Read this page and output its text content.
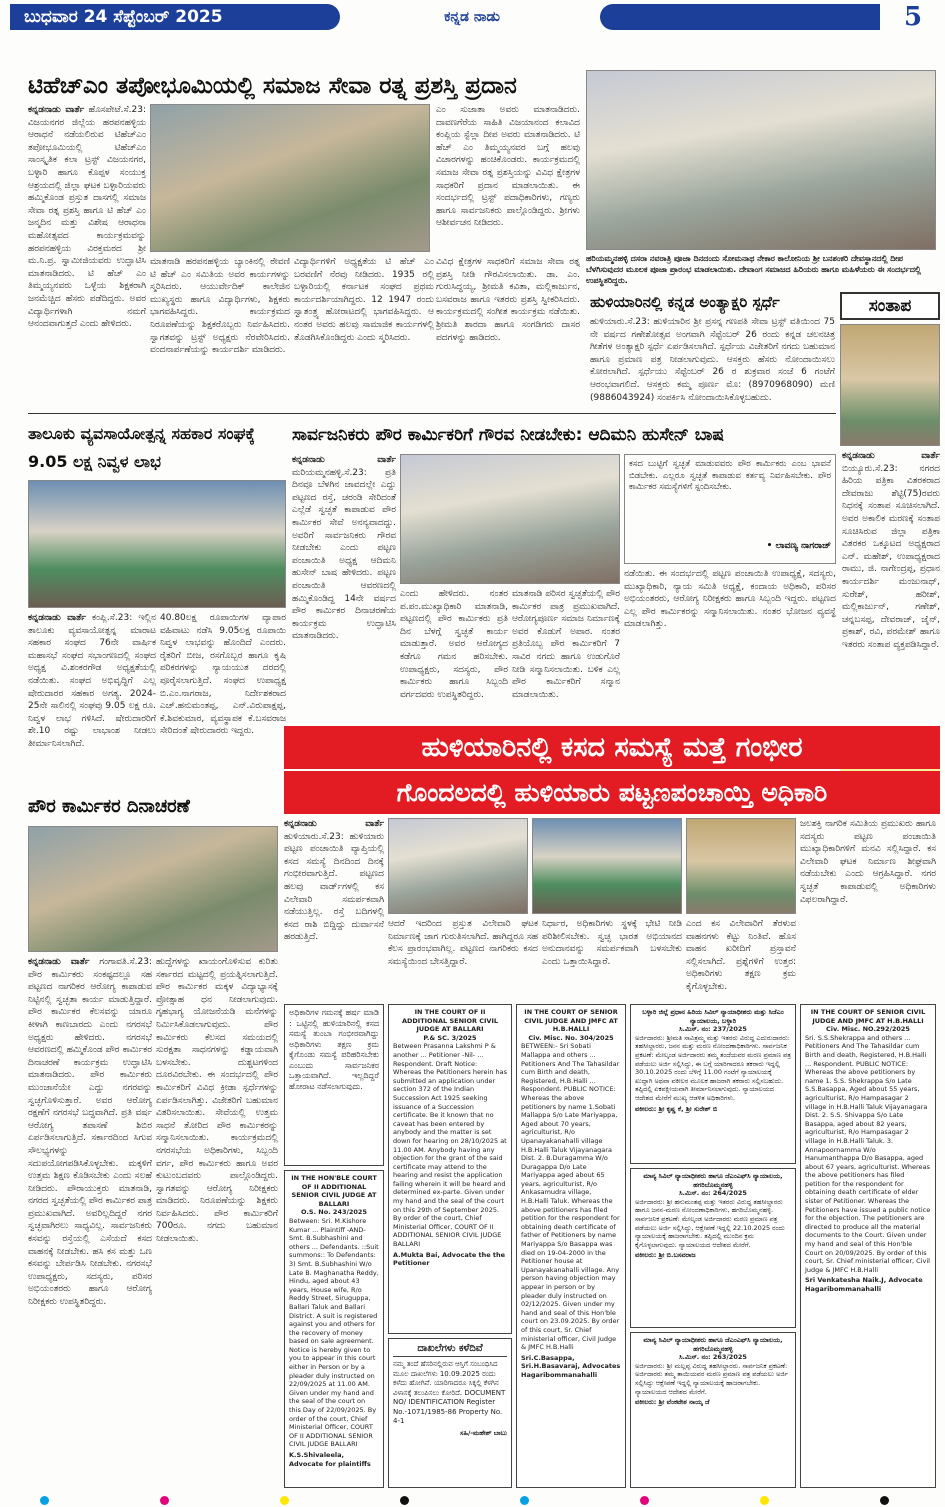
ಬುಧವಾರ 24 ಸೆಪ್ಟೆಂಬರ್ 2025	ಕನ್ನಡ ನಾಡು	5
ಟಿಹೆಚ್ಎಂ ತಪೋಭೂಮಿಯಲ್ಲಿ ಸಮಾಜ ಸೇವಾ ರತ್ನ ಪ್ರಶಸ್ತಿ ಪ್ರದಾನ
ಹರಿಯಮ್ಮನಹಳ್ಳಿ ದಸರಾ ನವರಾತ್ರಿ ಪೂಜಾ ದಿನದಂದು ಸೋಮನಾಥ ನೇಕಾರ ಕಾಲೋನಿಯ ಶ್ರೀ ಬನಶಂಕರಿ ದೇವಸ್ಥಾನದಲ್ಲಿ ದೀಪ ಬೆಳಗಿಸುವುದರ ಮೂಲಕ ಪೂಜಾ ಪ್ರಾರಂಭ ಮಾಡಲಾಯಿತು. ದೇವಾಂಗ ಸಮಾಜದ ಹಿರಿಯರು ಹಾಗೂ ಮಹಿಳೆಯರು ಈ ಸಂದರ್ಭದಲ್ಲಿ ಉಪಸ್ಥಿತರಿದ್ದರು.
ಕನ್ನಡನಾಡು ವಾರ್ತೆ ಹೊಸಪೇಟೆ.ಸೆ.23: ವಿಜಯನಗರ ಜಿಲ್ಲೆಯ ಹರಪನಹಳ್ಳಿಯ ಆರಾಧನೆ ನಡೆಯಲಿರುವ ಟಿಹೆಚ್ಎಂ ತಪೋಭೂಮಿಯಲ್ಲಿ ಟಿಹೆಚ್ಎಂ ಸಾಂಸ್ಕೃತಿಕ ಕಲಾ ಟ್ರಸ್ಟ್ ವಿಜಯನಗರ, ಬಳ್ಳಾರಿ ಹಾಗೂ ಕೊಪ್ಪಳ ಸಂಯುಕ್ತ ಆಶ್ರಯದಲ್ಲಿ ಜಿಲ್ಲಾ ಘಟಕ ಬಳ್ಳಾರಿಯವರು ಹಮ್ಮಿಕೊಂಡ ಪ್ರಸ್ತುತ ದಾಸಗಲ್ಲಿ ಸಮಾಜ ಸೇವಾ ರತ್ನ ಪ್ರಶಸ್ತಿ ಹಾಗೂ ಟಿ ಹೆಚ್ ಎಂ ಜನ್ಮದಿನ ಮತ್ತು ವಿಶೇಷ ಆರಾಧನಾ ಮಹೋತ್ಸವದ ಕಾರ್ಯಕ್ರಮವನ್ನು ಹರಪನಹಳ್ಳಿಯ ವಿರಕ್ತಮಠದ ಶ್ರೀ ಮ.ನಿ.ಪ್ರ. ಸ್ವಾಮೀಜಿಯವರು ಉದ್ಘಾಟಿಸಿ ಮಾತನಾಡಿದರು. ಟಿ ಹೆಚ್ ಎಂ ತಿಮ್ಮಯ್ಯನವರು ಒಳ್ಳೆಯ ಶಿಕ್ಷಕರಾಗಿ ಜನಮೆಚ್ಚಿದ ಹೆಸರು ಪಡೆದಿದ್ದರು. ಅವರ ವಿದ್ಯಾರ್ಥಿಗಳಾಗಿ ನಮಗೆ ಆನಂದವಾಗುತ್ತದೆ ಎಂದು ಹೇಳಿದರು.
ಎಂ ಸುಜಾತಾ ಅವರು ಮಾತನಾಡಿದರು. ದಾವಣಗೆರೆಯ ಸಾಹಿತಿ ವಿಜಯಾನಂದ ಕಲಾವಿದ ಕಂಪ್ಲಿಯ ಸ್ಟೆಲ್ಲಾ ದೀಪ ಅವರು ಮಾತನಾಡಿದರು. ಟಿ ಹೆಚ್ ಎಂ ತಿಮ್ಮಯ್ಯನವರ ಬಗ್ಗೆ ಹಲವು ವಿಚಾರಗಳನ್ನು ಹಂಚಿಕೊಂಡರು. ಕಾರ್ಯಕ್ರಮದಲ್ಲಿ ಸಮಾಜ ಸೇವಾ ರತ್ನ ಪ್ರಶಸ್ತಿಯನ್ನು ವಿವಿಧ ಕ್ಷೇತ್ರಗಳ ಸಾಧಕರಿಗೆ ಪ್ರದಾನ ಮಾಡಲಾಯಿತು. ಈ ಸಂದರ್ಭದಲ್ಲಿ ಟ್ರಸ್ಟ್ ಪದಾಧಿಕಾರಿಗಳು, ಗಣ್ಯರು ಹಾಗೂ ಸಾರ್ವಜನಿಕರು ಪಾಲ್ಗೊಂಡಿದ್ದರು. ಶ್ರೀಗಳು ಆಶೀರ್ವಚನ ನೀಡಿದರು.
ಮಾತನಾಡಿ ಹರಪನಹಳ್ಳಿಯ ಬ್ಯಾಂಕಿನಲ್ಲಿ ಠೇವಣಿ ಟಿ ಹೆಚ್ ಎಂ ಸಮಿತಿಯ ಅವರ ಕಾರ್ಯಗಳನ್ನು ಸ್ಮರಿಸಿದರು. ಆಯುರ್ವೇದಿಕ್ ಕಾಲೇಜಿನ ಮುಖ್ಯಸ್ಥರು ಹಾಗೂ ವಿದ್ಯಾರ್ಥಿಗಳು, ಶಿಕ್ಷಕರು ಭಾಗವಹಿಸಿದ್ದರು. ಕಾರ್ಯಕ್ರಮದ ನಿರೂಪಣೆಯನ್ನು ಶಿಕ್ಷಕರೊಬ್ಬರು ನಿರ್ವಹಿಸಿದರು. ಸ್ವಾಗತವನ್ನು ಟ್ರಸ್ಟ್ ಅಧ್ಯಕ್ಷರು ನೆರವೇರಿಸಿದರು. ವಂದನಾರ್ಪಣೆಯನ್ನು ಕಾರ್ಯದರ್ಶಿ ಮಾಡಿದರು.
ವಿದ್ಯಾರ್ಥಿಗಳಿಗೆ ಅಧ್ಯಕ್ಷತೆಯ ಟಿ ಹೆಚ್ ಎಂ ಬರವಣಿಗೆ ನೆರವು ನೀಡಿದರು. 1935 ರಲ್ಲಿ ಬಳ್ಳಾರಿಯಲ್ಲಿ ಕರ್ನಾಟಕ ಸಂಘದ ಪ್ರಥಮ ಕಾರ್ಯದರ್ಶಿಯಾಗಿದ್ದರು. 12 1947 ರಂದು ಸ್ವಾತಂತ್ರ್ಯ ಹೋರಾಟದಲ್ಲಿ ಭಾಗವಹಿಸಿದ್ದರು. ಆ ನಂತರ ಅವರು ಹಲವು ಸಾಮಾಜಿಕ ಕಾರ್ಯಗಳಲ್ಲಿ ತೊಡಗಿಸಿಕೊಂಡಿದ್ದರು ಎಂದು ಸ್ಮರಿಸಿದರು.
ವಿವಿಧ ಕ್ಷೇತ್ರಗಳ ಸಾಧಕರಿಗೆ ಸಮಾಜ ಸೇವಾ ರತ್ನ ಪ್ರಶಸ್ತಿ ನೀಡಿ ಗೌರವಿಸಲಾಯಿತು. ಡಾ. ಎಂ. ಗುರುಸಿದ್ಧಯ್ಯ, ಶ್ರೀಮತಿ ಕವಿತಾ, ಮಲ್ಲಿಕಾರ್ಜುನ, ಬಸವರಾಜ ಹಾಗೂ ಇತರರು ಪ್ರಶಸ್ತಿ ಸ್ವೀಕರಿಸಿದರು. ಕಾರ್ಯಕ್ರಮದಲ್ಲಿ ಸಂಗೀತ ಕಾರ್ಯಕ್ರಮ ನಡೆಯಿತು. ಶ್ರೀಮತಿ ಶಾರದಾ ಹಾಗೂ ಸಂಗಡಿಗರು ದಾಸರ ಪದಗಳನ್ನು ಹಾಡಿದರು.
ಹುಳಿಯಾರಿನಲ್ಲಿ ಕನ್ನಡ ಅಂತ್ಯಾಕ್ಷರಿ ಸ್ಪರ್ಧೆ
ಹುಳಿಯಾರು.ಸೆ.23: ಹುಳಿಯಾರಿನ ಶ್ರೀ ಪ್ರಸನ್ನ ಗಣಪತಿ ಸೇವಾ ಟ್ರಸ್ಟ್ ವತಿಯಿಂದ 75 ನೇ ವರ್ಷದ ಗಣೇಶೋತ್ಸವ ಅಂಗವಾಗಿ ಸೆಪ್ಟೆಂಬರ್ 26 ರಂದು ಕನ್ನಡ ಚಲನಚಿತ್ರ ಗೀತೆಗಳ ಅಂತ್ಯಾಕ್ಷರಿ ಸ್ಪರ್ಧೆ ಏರ್ಪಡಿಸಲಾಗಿದೆ. ಸ್ಪರ್ಧೆಯ ವಿಜೇತರಿಗೆ ನಗದು ಬಹುಮಾನ ಹಾಗೂ ಪ್ರಮಾಣ ಪತ್ರ ನೀಡಲಾಗುವುದು. ಆಸಕ್ತರು ಹೆಸರು ನೋಂದಾಯಿಸಲು ಕೋರಲಾಗಿದೆ. ಸ್ಪರ್ಧೆಯು ಸೆಪ್ಟೆಂಬರ್ 26 ರ ಶುಕ್ರವಾರ ಸಂಜೆ 6 ಗಂಟೆಗೆ ಆರಂಭವಾಗಲಿದೆ. ಆಸಕ್ತರು ಕಮ್ಮ ಪೂರ್ಣ ಮೊ: (8970968090) ಮಣಿ (9886043924) ಸಂಪರ್ಕಿಸಿ ನೋಂದಾಯಿಸಿಕೊಳ್ಳಬಹುದು.
ಸಂತಾಪ
ಕನ್ನಡನಾಡು ವಾರ್ತೆ ಬಿಯ್ಯೂರು.ಸೆ.23: ನಗರದ ಹಿರಿಯ ಪತ್ರಿಕಾ ವಿತರಕರಾದ ದೇವರಾಜು ಶೆಟ್ಟಿ(75)ರವರು ನಿಧನಕ್ಕೆ ಸಂತಾಪ ಸೂಚಿಸಲಾಗಿದೆ. ಅವರ ಅಕಾಲಿಕ ಮರಣಕ್ಕೆ ಸಂತಾಪ ಸೂಚಿಸಿರುವ ಜಿಲ್ಲಾ ಪತ್ರಿಕಾ ವಿತರಕರ ಒಕ್ಕೂಟದ ಅಧ್ಯಕ್ಷರಾದ ಎನ್. ಮಹೇಶ್, ಉಪಾಧ್ಯಕ್ಷರಾದ ರಾಮು, ಜಿ. ನಾಗೇಂದ್ರಪ್ಪ, ಪ್ರಧಾನ ಕಾರ್ಯದರ್ಶಿ ಮಂಜುನಾಥ್, ಸುರೇಶ್, ಹರೀಶ್, ಮಲ್ಲಿಕಾರ್ಜುನ್, ಗಣೇಶ್, ಚನ್ನಬಸಪ್ಪ, ದೇವರಾಜ್, ಜೈನ್, ಪ್ರಕಾಶ್, ರವಿ, ಪರಮೇಶ್ ಹಾಗೂ ಇತರರು ಸಂತಾಪ ವ್ಯಕ್ತಪಡಿಸಿದ್ದಾರೆ.
ತಾಲೂಕು ವ್ಯವಸಾಯೋತ್ಪನ್ನ ಸಹಕಾರ ಸಂಘಕ್ಕೆ 9.05 ಲಕ್ಷ ನಿವ್ವಳ ಲಾಭ
ಕನ್ನಡನಾಡು ವಾರ್ತೆ ಕಂಪ್ಲಿ.ಸೆ.23: ಇಲ್ಲಿನ ತಾಲೂಕು ವ್ಯವಸಾಯೋತ್ಪನ್ನ ಮಾರಾಟ ಸಹಕಾರ ಸಂಘದ 76ನೇ ವಾರ್ಷಿಕ ಮಹಾಸಭೆ ಸಂಘದ ಸಭಾಂಗಣದಲ್ಲಿ ಸಂಘದ ಅಧ್ಯಕ್ಷ ವಿ.ಶಂಕರಗೌಡ ಅಧ್ಯಕ್ಷತೆಯಲ್ಲಿ ನಡೆಯಿತು. ಸಂಘದ ಅಭಿವೃದ್ಧಿಗೆ ಎಲ್ಲ ಷೇರುದಾರರ ಸಹಕಾರ ಅಗತ್ಯ. 2024-25ನೇ ಸಾಲಿನಲ್ಲಿ ಸಂಘವು 9.05 ಲಕ್ಷ ರೂ. ನಿವ್ವಳ ಲಾಭ ಗಳಿಸಿದೆ. ಷೇರುದಾರರಿಗೆ ಶೇ.10 ರಷ್ಟು ಲಾಭಾಂಶ ನೀಡಲು ತೀರ್ಮಾನಿಸಲಾಗಿದೆ.
40.80ಲಕ್ಷ ರೂಪಾಯಿಗಳ ವ್ಯಾಪಾರ ವಹಿವಾಟು ನಡೆಸಿ 9.05ಲಕ್ಷ ರೂಪಾಯಿ ನಿವ್ವಳ ಲಾಭವನ್ನು ಹೊಂದಿದೆ ಎಂದರು. ರೈತರಿಗೆ ಬೀಜ, ರಸಗೊಬ್ಬರ ಹಾಗೂ ಕೃಷಿ ಪರಿಕರಗಳನ್ನು ನ್ಯಾಯಯುತ ದರದಲ್ಲಿ ಪೂರೈಸಲಾಗುತ್ತಿದೆ. ಸಂಘದ ಉಪಾಧ್ಯಕ್ಷ ಬಿ.ಎಂ.ನಾಗರಾಜ, ನಿರ್ದೇಶಕರಾದ ಎಚ್.ಹನುಮಂತಪ್ಪ, ಎನ್.ವಿರುಪಾಕ್ಷಪ್ಪ, ಕೆ.ಶಿವಕುಮಾರ, ವ್ಯವಸ್ಥಾಪಕ ಕೆ.ಬಸವರಾಜ ಸೇರಿದಂತೆ ಷೇರುದಾರರು ಇದ್ದರು.
ಸಾರ್ವಜನಿಕರು ಪೌರ ಕಾರ್ಮಿಕರಿಗೆ ಗೌರವ ನೀಡಬೇಕು: ಆದಿಮನಿ ಹುಸೇನ್ ಬಾಷ
ಕನ್ನಡನಾಡು ವಾರ್ತೆ ಮರಿಯಮ್ಮನಹಳ್ಳಿ.ಸೆ.23: ಪ್ರತಿ ದಿನವೂ ಬೆಳಗಿನ ಜಾವದಲ್ಲೇ ಎದ್ದು ಪಟ್ಟಣದ ರಸ್ತೆ, ಚರಂಡಿ ಸೇರಿದಂತೆ ಎಲ್ಲೆಡೆ ಸ್ವಚ್ಛತೆ ಕಾಪಾಡುವ ಪೌರ ಕಾರ್ಮಿಕರ ಸೇವೆ ಅನನ್ಯವಾದದ್ದು. ಅವರಿಗೆ ಸಾರ್ವಜನಿಕರು ಗೌರವ ನೀಡಬೇಕು ಎಂದು ಪಟ್ಟಣ ಪಂಚಾಯಿತಿ ಅಧ್ಯಕ್ಷ ಆದಿಮನಿ ಹುಸೇನ್ ಬಾಷ ಹೇಳಿದರು. ಪಟ್ಟಣ ಪಂಚಾಯಿತಿ ಆವರಣದಲ್ಲಿ ಹಮ್ಮಿಕೊಂಡಿದ್ದ 14ನೇ ವರ್ಷದ ಪೌರ ಕಾರ್ಮಿಕರ ದಿನಾಚರಣೆಯ ಕಾರ್ಯಕ್ರಮ ಉದ್ಘಾಟಿಸಿ ಮಾತನಾಡಿದರು.
ಕಸದ ಬುಟ್ಟಿಗೆ ಸ್ವಚ್ಛತೆ ಮಾಡುವವರು ಪೌರ ಕಾರ್ಮಿಕರು ಎಂಬ ಭಾವನೆ ಬಿಡಬೇಕು. ಎಲ್ಲರೂ ಸ್ವಚ್ಛತೆ ಕಾಪಾಡುವ ಕರ್ತವ್ಯ ನಿರ್ವಹಿಸಬೇಕು. ಪೌರ ಕಾರ್ಮಿಕರ ಸಮಸ್ಯೆಗಳಿಗೆ ಸ್ಪಂದಿಸಬೇಕು.
• ಲಾವಣ್ಯ ನಾಗರಾಜ್
ನಡೆಯಿತು. ಈ ಸಂದರ್ಭದಲ್ಲಿ ಪಟ್ಟಣ ಪಂಚಾಯಿತಿ ಉಪಾಧ್ಯಕ್ಷೆ, ಸದಸ್ಯರು, ಮುಖ್ಯಾಧಿಕಾರಿ, ನ್ಯಾಯ ಸಮಿತಿ ಅಧ್ಯಕ್ಷೆ, ಕಂದಾಯ ಅಧಿಕಾರಿ, ಪರಿಸರ ಅಭಿಯಂತರರು, ಆರೋಗ್ಯ ನಿರೀಕ್ಷಕರು ಹಾಗೂ ಸಿಬ್ಬಂದಿ ಇದ್ದರು. ಪಟ್ಟಣದ ಎಲ್ಲ ಪೌರ ಕಾರ್ಮಿಕರನ್ನು ಸನ್ಮಾನಿಸಲಾಯಿತು. ನಂತರ ಭೋಜನ ವ್ಯವಸ್ಥೆ ಮಾಡಲಾಗಿತ್ತು.
ಎಂದು ಹೇಳಿದರು. ನಂತರ ಪ.ಪಂ.ಮುಖ್ಯಾಧಿಕಾರಿ ಮಾತನಾಡಿ, ಪಟ್ಟಣದಲ್ಲಿ ಪೌರ ಕಾರ್ಮಿಕರು ಪ್ರತಿ ದಿನ ಬೆಳಗ್ಗೆ ಸ್ವಚ್ಛತೆ ಕಾರ್ಯ ಮಾಡುತ್ತಾರೆ. ಅವರ ಆರೋಗ್ಯದ ಕಡೆಗೂ ಗಮನ ಹರಿಸಬೇಕು. ಉಪಾಧ್ಯಕ್ಷರು, ಸದಸ್ಯರು, ಪೌರ ಕಾರ್ಮಿಕರು ಹಾಗೂ ಸಿಬ್ಬಂದಿ ವರ್ಗದವರು ಉಪಸ್ಥಿತರಿದ್ದರು.
ಮಾತನಾಡಿ ಪರಿಸರ ಸ್ವಚ್ಛತೆಯಲ್ಲಿ ಪೌರ ಕಾರ್ಮಿಕರ ಪಾತ್ರ ಪ್ರಮುಖವಾಗಿದೆ. ಆರೋಗ್ಯಪೂರ್ಣ ಸಮಾಜ ನಿರ್ಮಾಣಕ್ಕೆ ಅವರ ಕೊಡುಗೆ ಅಪಾರ. ನಂತರ ಪ್ರತಿಯೊಬ್ಬ ಪೌರ ಕಾರ್ಮಿಕರಿಗೆ 7 ಸಾವಿರ ನಗದು ಹಾಗೂ ಉಡುಗೊರೆ ನೀಡಿ ಸನ್ಮಾನಿಸಲಾಯಿತು. ಬಳಿಕ ಎಲ್ಲ ಪೌರ ಕಾರ್ಮಿಕರಿಗೆ ಸನ್ಮಾನ ಮಾಡಲಾಯಿತು.
ಹುಳಿಯಾರಿನಲ್ಲಿ ಕಸದ ಸಮಸ್ಯೆ ಮತ್ತೆ ಗಂಭೀರ
ಗೊಂದಲದಲ್ಲಿ ಹುಳಿಯಾರು ಪಟ್ಟಣಪಂಚಾಯ್ತಿ ಅಧಿಕಾರಿ
ಪೌರ ಕಾರ್ಮಿಕರ ದಿನಾಚರಣೆ
ಕನ್ನಡನಾಡು ವಾರ್ತೆ ಗಂಗಾವತಿ.ಸೆ.23: ಪೌರ ಕಾರ್ಮಿಕರು ಸಂಕಷ್ಟದಲ್ಲೂ ಸಹ ಪಟ್ಟಣದ ನಾಗರಿಕರ ಆರೋಗ್ಯ ಕಾಪಾಡುವ ನಿಟ್ಟಿನಲ್ಲಿ ಸ್ವಚ್ಛತಾ ಕಾರ್ಯ ಮಾಡುತ್ತಿದ್ದಾರೆ. ಪೌರ ಕಾರ್ಮಿಕರ ಕೆಲಸವನ್ನು ಯಾರೂ ಕೀಳಾಗಿ ಕಾಣಬಾರದು ಎಂದು ನಗರಸಭೆ ಅಧ್ಯಕ್ಷರು ಹೇಳಿದರು. ನಗರಸಭೆ ಆವರಣದಲ್ಲಿ ಹಮ್ಮಿಕೊಂಡ ಪೌರ ಕಾರ್ಮಿಕರ ದಿನಾಚರಣೆ ಕಾರ್ಯಕ್ರಮ ಉದ್ಘಾಟಿಸಿ ಮಾತನಾಡಿದರು. ಪೌರ ಕಾರ್ಮಿಕರು ಮುಂಜಾನೆಯೇ ಎದ್ದು ನಗರವನ್ನು ಸ್ವಚ್ಛಗೊಳಿಸುತ್ತಾರೆ. ಅವರ ಆರೋಗ್ಯ ರಕ್ಷಣೆಗೆ ನಗರಸಭೆ ಬದ್ಧವಾಗಿದೆ. ಪ್ರತಿ ವರ್ಷ ಆರೋಗ್ಯ ತಪಾಸಣೆ ಶಿಬಿರ ಏರ್ಪಡಿಸಲಾಗುತ್ತಿದೆ. ಸರ್ಕಾರದಿಂದ ಸಿಗುವ ಸೌಲಭ್ಯಗಳನ್ನು ಸದುಪಯೋಗಪಡಿಸಿಕೊಳ್ಳಬೇಕು. ಮಕ್ಕಳಿಗೆ ಉತ್ತಮ ಶಿಕ್ಷಣ ಕೊಡಿಸಬೇಕು ಎಂದು ಸಲಹೆ ನೀಡಿದರು. ಪೌರಾಯುಕ್ತರು ಮಾತನಾಡಿ, ನಗರದ ಸ್ವಚ್ಛತೆಯಲ್ಲಿ ಪೌರ ಕಾರ್ಮಿಕರ ಪಾತ್ರ ಪ್ರಮುಖವಾಗಿದೆ. ಅವರಿಲ್ಲದಿದ್ದರೆ ನಗರ ಸ್ವಚ್ಛವಾಗಿರಲು ಸಾಧ್ಯವಿಲ್ಲ. ಸಾರ್ವಜನಿಕರು ಕಸವನ್ನು ರಸ್ತೆಯಲ್ಲಿ ಎಸೆಯದೆ ಕಸದ ವಾಹನಕ್ಕೆ ನೀಡಬೇಕು. ಹಸಿ ಕಸ ಮತ್ತು ಒಣ ಕಸವನ್ನು ಬೇರ್ಪಡಿಸಿ ನೀಡಬೇಕು. ನಗರಸಭೆ ಉಪಾಧ್ಯಕ್ಷರು, ಸದಸ್ಯರು, ಪರಿಸರ ಅಭಿಯಂತರರು ಹಾಗೂ ಆರೋಗ್ಯ ನಿರೀಕ್ಷಕರು ಉಪಸ್ಥಿತರಿದ್ದರು.
ಹುದ್ದೆಗಳನ್ನು ಖಾಯಂಗೊಳಿಸುವ ಕುರಿತು ಸರ್ಕಾರದ ಮಟ್ಟದಲ್ಲಿ ಪ್ರಯತ್ನಿಸಲಾಗುತ್ತಿದೆ. ಪೌರ ಕಾರ್ಮಿಕರ ಮಕ್ಕಳ ವಿದ್ಯಾಭ್ಯಾಸಕ್ಕೆ ಪ್ರೋತ್ಸಾಹ ಧನ ನೀಡಲಾಗುವುದು. ಗೃಹಭಾಗ್ಯ ಯೋಜನೆಯಡಿ ಮನೆಗಳನ್ನು ನಿರ್ಮಿಸಿಕೊಡಲಾಗುವುದು. ಪೌರ ಕಾರ್ಮಿಕರು ಕೆಲಸದ ಸಮಯದಲ್ಲಿ ಸುರಕ್ಷತಾ ಸಾಧನಗಳನ್ನು ಕಡ್ಡಾಯವಾಗಿ ಬಳಸಬೇಕು. ದುಶ್ಚಟಗಳಿಂದ ದೂರವಿರಬೇಕು. ಈ ಸಂದರ್ಭದಲ್ಲಿ ಪೌರ ಕಾರ್ಮಿಕರಿಗೆ ವಿವಿಧ ಕ್ರೀಡಾ ಸ್ಪರ್ಧೆಗಳನ್ನು ಏರ್ಪಡಿಸಲಾಗಿತ್ತು. ವಿಜೇತರಿಗೆ ಬಹುಮಾನ ವಿತರಿಸಲಾಯಿತು. ಸೇವೆಯಲ್ಲಿ ಉತ್ತಮ ಸಾಧನೆ ತೋರಿದ ಪೌರ ಕಾರ್ಮಿಕರನ್ನು ಸನ್ಮಾನಿಸಲಾಯಿತು. ಕಾರ್ಯಕ್ರಮದಲ್ಲಿ ನಗರಸಭೆಯ ಅಧಿಕಾರಿಗಳು, ಸಿಬ್ಬಂದಿ ವರ್ಗ, ಪೌರ ಕಾರ್ಮಿಕರು ಹಾಗೂ ಅವರ ಕುಟುಂಬದವರು ಪಾಲ್ಗೊಂಡಿದ್ದರು. ಸ್ವಾಗತವನ್ನು ಆರೋಗ್ಯ ನಿರೀಕ್ಷಕರು ಮಾಡಿದರು. ನಿರೂಪಣೆಯನ್ನು ಶಿಕ್ಷಕರು ನಿರ್ವಹಿಸಿದರು. ಪೌರ ಕಾರ್ಮಿಕರಿಗೆ 700ರೂ. ನಗದು ಬಹುಮಾನ ನೀಡಲಾಯಿತು.
ಕನ್ನಡನಾಡು ವಾರ್ತೆ ಹುಳಿಯಾರು.ಸೆ.23: ಹುಳಿಯಾರು ಪಟ್ಟಣ ಪಂಚಾಯಿತಿ ವ್ಯಾಪ್ತಿಯಲ್ಲಿ ಕಸದ ಸಮಸ್ಯೆ ದಿನದಿಂದ ದಿನಕ್ಕೆ ಗಂಭೀರವಾಗುತ್ತಿದೆ. ಪಟ್ಟಣದ ಹಲವು ವಾರ್ಡ್‌ಗಳಲ್ಲಿ ಕಸ ವಿಲೇವಾರಿ ಸಮರ್ಪಕವಾಗಿ ನಡೆಯುತ್ತಿಲ್ಲ. ರಸ್ತೆ ಬದಿಗಳಲ್ಲಿ ಕಸದ ರಾಶಿ ಬಿದ್ದಿದ್ದು ದುರ್ವಾಸನೆ ಹರಡುತ್ತಿದೆ.
ಆದರೆ ಇದರಿಂದ ಪ್ರಸ್ತುತ ವಿಲೇವಾರಿ ಘಟಕ ನಿರ್ಮಾಣಕ್ಕೆ ಜಾಗ ಗುರುತಿಸಲಾಗಿದೆ. ಹಾಗಿದ್ದರೂ ಸಹ ಕೆಲಸ ಪ್ರಾರಂಭವಾಗಿಲ್ಲ. ಪಟ್ಟಣದ ನಾಗರಿಕರು ಕಸದ ಸಮಸ್ಯೆಯಿಂದ ಬೇಸತ್ತಿದ್ದಾರೆ.
ನಿರ್ಧಾರ, ಅಧಿಕಾರಿಗಳು ಸ್ಥಳಕ್ಕೆ ಭೇಟಿ ನೀಡಿ ಪರಿಶೀಲಿಸಬೇಕು. ಸ್ವಚ್ಛ ಭಾರತ ಅಭಿಯಾನದ ಅನುದಾನವನ್ನು ಸಮರ್ಪಕವಾಗಿ ಬಳಸಬೇಕು ಎಂದು ಒತ್ತಾಯಿಸಿದ್ದಾರೆ.
ಎಂದ ಕಸ ವಿಲೇವಾರಿಗೆ ತೆರಳುವ ವಾಹನಗಳು ಕೆಟ್ಟು ನಿಂತಿವೆ. ಹೊಸ ವಾಹನ ಖರೀದಿಗೆ ಪ್ರಸ್ತಾವನೆ ಸಲ್ಲಿಸಲಾಗಿದೆ. ಪ್ರಶ್ನೆಗಳಿಗೆ ಉತ್ತರ: ಅಧಿಕಾರಿಗಳು ತಕ್ಷಣ ಕ್ರಮ ಕೈಗೊಳ್ಳಬೇಕು.
ಜಲಶಕ್ತಿ ನಾಗರಿಕ ಸಮಿತಿಯ ಪ್ರಮುಖರು ಹಾಗೂ ಸದಸ್ಯರು ಪಟ್ಟಣ ಪಂಚಾಯಿತಿ ಮುಖ್ಯಾಧಿಕಾರಿಗಳಿಗೆ ಮನವಿ ಸಲ್ಲಿಸಿದ್ದಾರೆ. ಕಸ ವಿಲೇವಾರಿ ಘಟಕ ನಿರ್ಮಾಣ ಶೀಘ್ರವಾಗಿ ನಡೆಯಬೇಕು ಎಂದು ಆಗ್ರಹಿಸಿದ್ದಾರೆ. ನಗರ ಸ್ವಚ್ಛತೆ ಕಾಪಾಡುವಲ್ಲಿ ಅಧಿಕಾರಿಗಳು ವಿಫಲರಾಗಿದ್ದಾರೆ.
ಅಧಿಕಾರಿಗಳ ಗಮನಕ್ಕೆ ಹರ್ಷ ಮಾಡಿ : ಒಟ್ಟಿನಲ್ಲಿ ಹುಳಿಯಾರಿನಲ್ಲಿ ಕಸದ ಸಮಸ್ಯೆ ತುಂಬಾ ಗಂಭೀರವಾಗಿದ್ದು ಅಧಿಕಾರಿಗಳು ತಕ್ಷಣ ಕ್ರಮ ಕೈಗೊಂಡು ಸಮಸ್ಯೆ ಪರಿಹರಿಸಬೇಕು ಎಂಬುದು ಸಾರ್ವಜನಿಕರ ಒತ್ತಾಯವಾಗಿದೆ. ಇಲ್ಲದಿದ್ದರೆ ಹೋರಾಟ ನಡೆಸಲಾಗುವುದು.
IN THE HON'BLE COURT OF II ADDITIONAL SENIOR CIVIL JUDGE AT BALLARI
O.S. No. 243/2025
Between: Sri. M.Kishore Kumar ... Plaintiff -AND- Smt. B.Subhashini and others ... Defendants. ::Suit summons:: To Defendants: 3) Smt. B.Subhashini W/o Late B. Maghanatha Reddy, Hindu, aged about 43 years, House wife, R/o Reddy Street, Siruguppa, Ballari Taluk and Ballari District. A suit is registered against you and others for the recovery of money based on sale agreement. Notice is hereby given to you to appear in this court either in Person or by a pleader duly instructed on 22/09/2025 at 11.00 AM. Given under my hand and the seal of the court on this Day of 22/09/2025. By order of the court, Chief Ministerial Officer, COURT OF II ADDITIONAL SENIOR CIVIL JUDGE BALLARI
K.S.Shivaleela, Advocate for plaintiffs
IN THE COURT OF II ADDITIONAL SENIOR CIVIL JUDGE AT BALLARI
P.& SC. 3/2025
Between Prasanna Lakshmi P & another ... Petitioner -Nil- ... Respondent. Draft Notice: Whereas the Petitioners herein has submitted an application under section 372 of the Indian Succession Act 1925 seeking issuance of a Succession certificate. Be it known that no caveat has been entered by anybody and the matter is set down for hearing on 28/10/2025 at 11.00 AM. Anybody having any objection for the grant of the said certificate may attend to the hearing and resist the application failing wherein it will be heard and determined ex-parte. Given under my hand and the seal of the court on this 29th of September 2025. By order of the court, Chief Ministerial Officer, COURT OF II ADDITIONAL SENIOR CIVIL JUDGE BALLARI
A.Mukta Bai, Advocate the the Petitioner
ದಾಖಲೆಗಳು ಕಳೆದಿವೆ
ನಮ್ಮ ತಂದೆ ಹೆಸರಿನಲ್ಲಿರುವ ಆಸ್ತಿಗೆ ಸಂಬಂಧಿಸಿದ ಮೂಲ ದಾಖಲೆಗಳು 10.09.2025 ರಂದು ಕಳೆದು ಹೋಗಿವೆ. ಯಾರಿಗಾದರೂ ಸಿಕ್ಕಲ್ಲಿ ಕೆಳಗಿನ ವಿಳಾಸಕ್ಕೆ ತಲುಪಿಸಲು ಕೋರಿದೆ. DOCUMENT NO/ IDENTIFICATION Register No.-1071/1985-86 Property No. 4-1
ಸಹಿ/-ಮಹೇಶ್ ಬಾಬು
IN THE COURT OF SENIOR CIVIL JUDGE AND JMFC AT H.B.HALLI
Civ. Misc. No. 304/2025
BETWEEN:- Sri Sobati Mallappa and others ... Petitioners And The Tahasildar cum Birth and death, Registered, H.B.Halli ... Respondent. PUBLIC NOTICE: Whereas the above petitioners by name 1.Sobati Mallappa S/o Late Mariyappa, Aged about 70 years, agriculturist, R/o Upanayakanahalli village H.B.Halli Taluk Vijayanagara Dist. 2. B.Duragamma W/o Duragappa D/o Late Mariyappa aged about 65 years, agriculturist, R/o Ankasamudra village, H.B.Halli Taluk. Whereas the above petitioners has filed petition for the respondent for obtaining death certificate of father of Petitioners by name Mariyappa S/o Basappa was died on 19-04-2000 in the Petitioner house at Upanayakanahalli village. Any person having objection may appear in person or by pleader duly instructed on 02/12/2025. Given under my hand and seal of this Hon'ble court on 23.09.2025. By order of this court, Sr. Chief ministerial officer, Civil Judge & JMFC H.B.Halli
Sri.C.Basappa, Sri.H.Basavaraj, Advocates Hagaribommanahalli
ಬಳ್ಳಾರಿ ಜಿಲ್ಲೆ ಪ್ರಧಾನ ಹಿರಿಯ ಸಿವಿಲ್ ನ್ಯಾಯಾಧೀಶರು ಮತ್ತು ಸಿಜೆಎಂ ನ್ಯಾಯಾಲಯ, ಬಳ್ಳಾರಿ
ಸಿ.ಮಿಸ್. ನಂ: 237/2025
ಅರ್ಜಿದಾರರು: ಶ್ರೀಮತಿ ಸಾವಿತ್ರಮ್ಮ ಮತ್ತು ಇತರರು ವಿರುದ್ಧ ಎದುರುದಾರರು: ತಹಸೀಲ್ದಾರರು, ಜನನ ಮತ್ತು ಮರಣ ನೋಂದಣಾಧಿಕಾರಿಗಳು. ಸಾರ್ವಜನಿಕ ಪ್ರಕಟಣೆ: ಮೇಲ್ಕಂಡ ಅರ್ಜಿದಾರರು ತಮ್ಮ ತಂದೆಯವರ ಮರಣ ಪ್ರಮಾಣ ಪತ್ರ ಪಡೆಯಲು ಅರ್ಜಿ ಸಲ್ಲಿಸಿದ್ದು, ಈ ಬಗ್ಗೆ ಯಾರಿಗಾದರೂ ತಕರಾರು ಇದ್ದಲ್ಲಿ 30.10.2025 ರಂದು ಬೆಳಿಗ್ಗೆ 11.00 ಗಂಟೆಗೆ ನ್ಯಾಯಾಲಯಕ್ಕೆ ಖುದ್ದಾಗಿ ಅಥವಾ ವಕೀಲರ ಮೂಲಕ ಹಾಜರಾಗಿ ತಕರಾರು ಸಲ್ಲಿಸಬಹುದು. ತಪ್ಪಿದಲ್ಲಿ ಏಕಪಕ್ಷೀಯವಾಗಿ ತೀರ್ಮಾನಿಸಲಾಗುವುದು. ನ್ಯಾಯಾಲಯದ ಆದೇಶದ ಮೇರೆಗೆ ಮುಖ್ಯ ಆಡಳಿತ ಅಧಿಕಾರಿಗಳು.
ವಕೀಲರು: ಶ್ರೀ ಕೃಷ್ಣ ಕೆ, ಶ್ರೀ ಸುರೇಶ್ ಬಿ
ಮಾನ್ಯ ಸಿವಿಲ್ ನ್ಯಾಯಾಧೀಶರು ಹಾಗೂ ಜೆಎಂಎಫ್‌ಸಿ ನ್ಯಾಯಾಲಯ, ಹಗರಿಬೊಮ್ಮನಹಳ್ಳಿ
ಸಿ.ಮಿಸ್. ನಂ: 264/2025
ಅರ್ಜಿದಾರರು: ಶ್ರೀ ಹನುಮಂತಪ್ಪ ಮತ್ತು ಇತರರು ವಿರುದ್ಧ ತಹಸೀಲ್ದಾರರು ಹಾಗೂ ಜನನ-ಮರಣ ನೋಂದಣಾಧಿಕಾರಿಗಳು, ಹಗರಿಬೊಮ್ಮನಹಳ್ಳಿ. ಸಾರ್ವಜನಿಕ ಪ್ರಕಟಣೆ: ಮೇಲ್ಕಂಡ ಅರ್ಜಿದಾರರು ಮರಣ ಪ್ರಮಾಣ ಪತ್ರ ಪಡೆಯಲು ಅರ್ಜಿ ಸಲ್ಲಿಸಿದ್ದು, ಆಕ್ಷೇಪಣೆ ಇದ್ದಲ್ಲಿ 22.10.2025 ರಂದು ನ್ಯಾಯಾಲಯಕ್ಕೆ ಹಾಜರಾಗಬೇಕು. ತಪ್ಪಿದಲ್ಲಿ ಮುಂದಿನ ಕ್ರಮ ಕೈಗೊಳ್ಳಲಾಗುವುದು. ನ್ಯಾಯಾಲಯದ ಆದೇಶದ ಮೇರೆಗೆ.
ವಕೀಲರು: ಶ್ರೀ ಬಿ.ಬಸವರಾಜ
ಮಾನ್ಯ ಸಿವಿಲ್ ನ್ಯಾಯಾಧೀಶರು ಹಾಗೂ ಜೆಎಂಎಫ್‌ಸಿ ನ್ಯಾಯಾಲಯ, ಹಗರಿಬೊಮ್ಮನಹಳ್ಳಿ
ಸಿ.ಮಿಸ್. ನಂ: 263/2025
ಅರ್ಜಿದಾರರು: ಶ್ರೀ ಮಲ್ಲಪ್ಪ ವಿರುದ್ಧ ತಹಸೀಲ್ದಾರರು. ಸಾರ್ವಜನಿಕ ಪ್ರಕಟಣೆ: ಅರ್ಜಿದಾರರು ತಮ್ಮ ತಾಯಿಯವರ ಮರಣ ಪ್ರಮಾಣ ಪತ್ರ ಪಡೆಯಲು ಅರ್ಜಿ ಸಲ್ಲಿಸಿದ್ದು ಆಕ್ಷೇಪಣೆ ಇದ್ದಲ್ಲಿ ನ್ಯಾಯಾಲಯಕ್ಕೆ ಹಾಜರಾಗಬೇಕು. ನ್ಯಾಯಾಲಯದ ಆದೇಶದ ಮೇರೆಗೆ.
ವಕೀಲರು: ಶ್ರೀ ವೆಂಕಟೇಶ ನಾಯ್ಕ ಜೆ
IN THE COURT OF SENIOR CIVIL JUDGE AND JMFC AT H.B.HALLI
Civ. Misc. NO.292/2025
Sri. S.S.Shekrappa and others ... Petitioners And The Tahasildar cum Birth and death, Registered, H.B.Halli ... Respondent. PUBLIC NOTICE: Whereas the above petitioners by name 1. S.S. Shekrappa S/o Late S.S.Basappa, Aged about 55 years, agriculturist, R/o Hampasagar 2 village in H.B.Halli Taluk Vijayanagara Dist. 2. S.S. Shivappa S/o Late Basappa, aged about 82 years, agriculturist, R/o Hampasagar 2 village in H.B.Halli Taluk. 3. Annapoornamma W/o Hanumanthappa D/o Basappa, aged about 67 years, agriculturist. Whereas the above petitioners has filed petition for the respondent for obtaining death certificate of elder sister of Petitioner. Whereas the Petitioners have issued a public notice for the objection. The petitioners are directed to produce all the material documents to the Court. Given under my hand and seal of this Hon'ble Court on 20/09/2025. By order of this court, Sr. Chief ministerial officer, Civil Judge & JMFC H.B.Halli
Sri Venkatesha Naik.J, Advocate Hagaribommanahalli
